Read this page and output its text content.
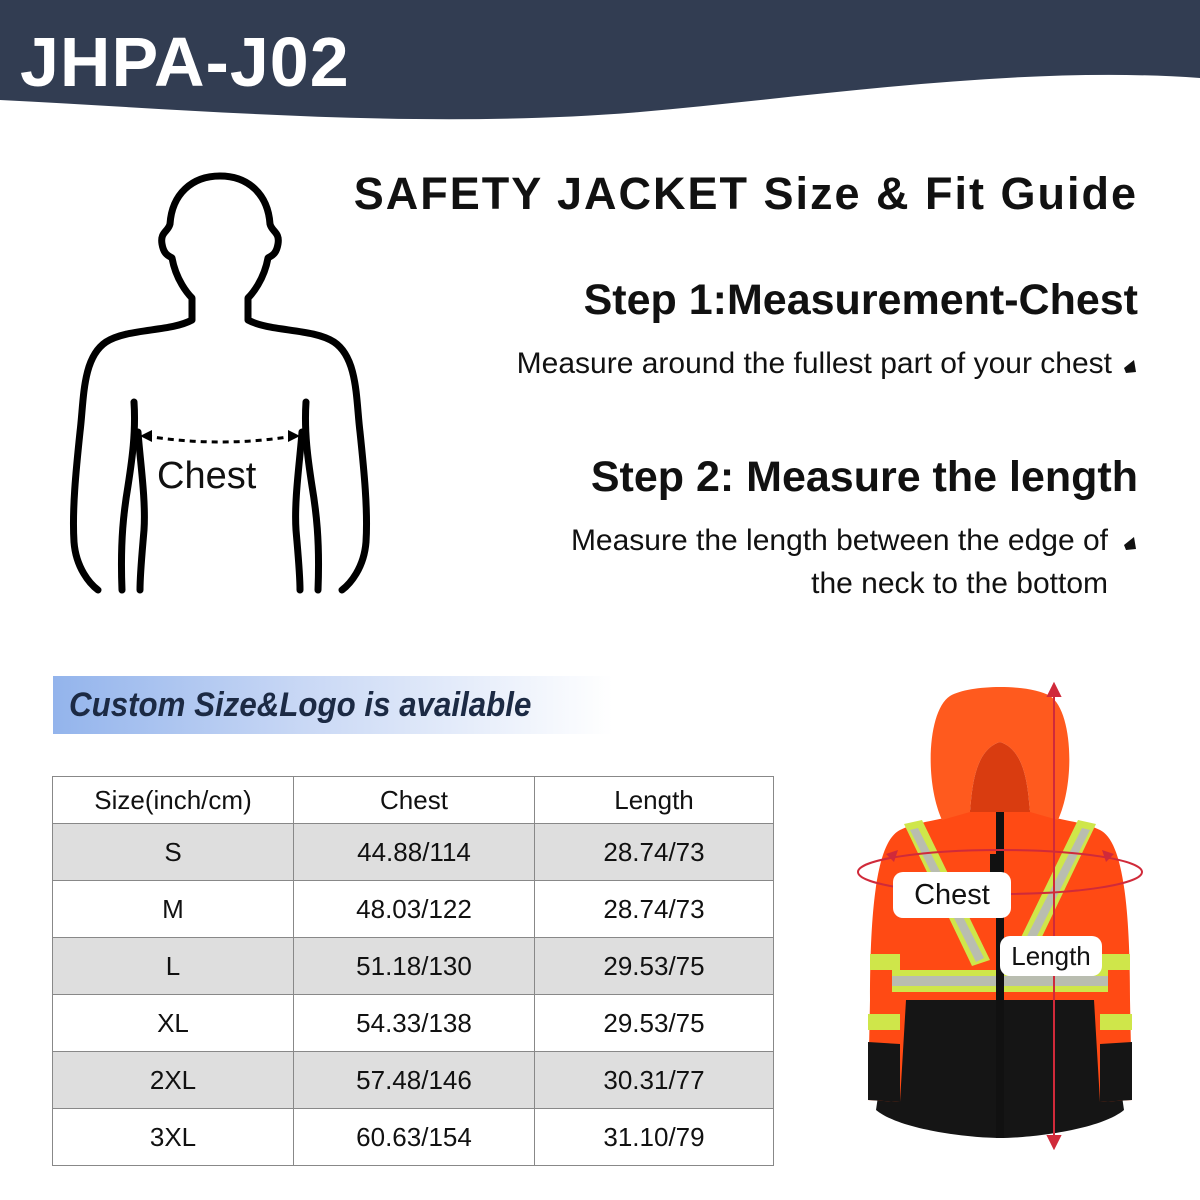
JHPA-J02
SAFETY JACKET Size & Fit Guide
Step 1:Measurement-Chest
Measure around the fullest part of your chest
Step 2: Measure the length
Measure the length between the edge of
the neck to the bottom
Chest
Custom Size&Logo is available
Size(inch/cm)	Chest	Length
S	44.88/114	28.74/73
M	48.03/122	28.74/73
L	51.18/130	29.53/75
XL	54.33/138	29.53/75
2XL	57.48/146	30.31/77
3XL	60.63/154	31.10/79
Chest
Length
